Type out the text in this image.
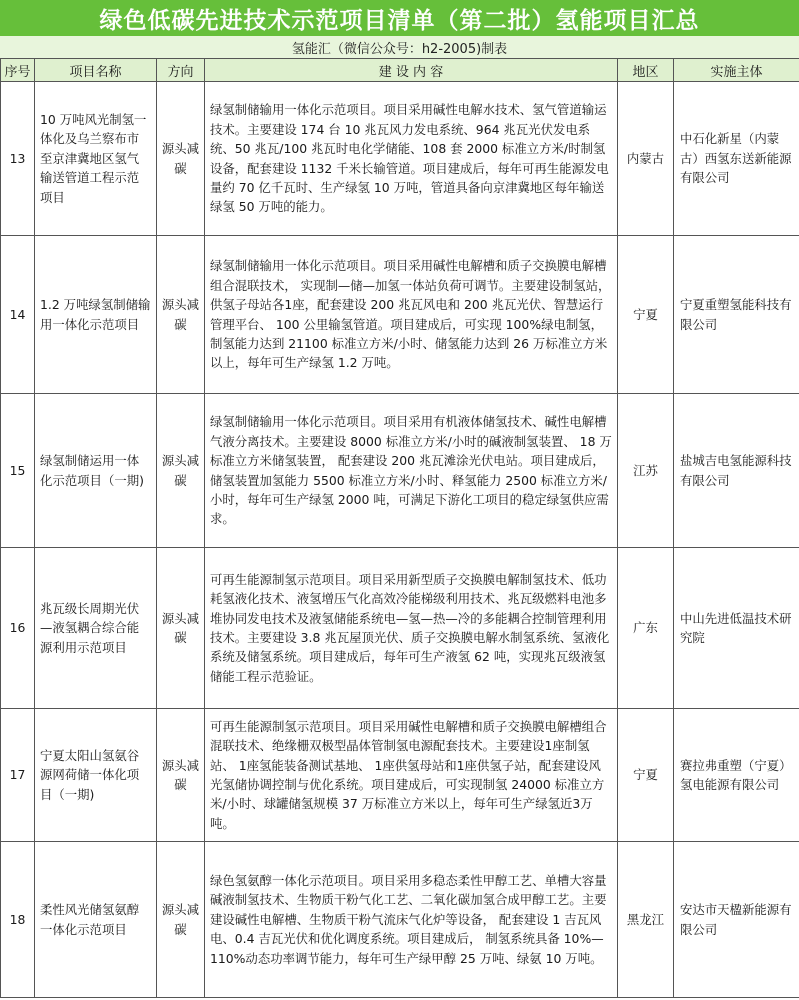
绿色低碳先进技术示范项目清单（第二批）氢能项目汇总
氢能汇（微信公众号：h2-2005)制表
序号	项目名称	方向	建 设 内 容	地区	实施主体
13	10 万吨风光制氢一体化及乌兰察布市至京津冀地区氢气输送管道工程示范项目	源头减碳	绿氢制储输用一体化示范项目。项目采用碱性电解水技术、氢气管道输运技术。主要建设 174 台 10 兆瓦风力发电系统、964 兆瓦光伏发电系统、50 兆瓦/100 兆瓦时电化学储能、108 套 2000 标准立方米/时制氢设备，配套建设 1132 千米长输管道。项目建成后，每年可再生能源发电量约 70 亿千瓦时、生产绿氢 10 万吨，管道具备向京津冀地区每年输送绿氢 50 万吨的能力。	内蒙古	中石化新星（内蒙古）西氢东送新能源有限公司
14	1.2 万吨绿氢制储输用一体化示范项目	源头减碳	绿氢制储输用一体化示范项目。项目采用碱性电解槽和质子交换膜电解槽组合混联技术， 实现制—储—加氢一体站负荷可调节。主要建设制氢站，供氢子母站各1座，配套建设 200 兆瓦风电和 200 兆瓦光伏、智慧运行管理平台、 100 公里输氢管道。项目建成后，可实现 100%绿电制氢，制氢能力达到 21100 标准立方米/小时、储氢能力达到 26 万标准立方米以上，每年可生产绿氢 1.2 万吨。	宁夏	宁夏重塑氢能科技有限公司
15	绿氢制储运用一体化示范项目（一期)	源头减碳	绿氢制储输用一体化示范项目。项目采用有机液体储氢技术、碱性电解槽气液分离技术。主要建设 8000 标准立方米/小时的碱液制氢装置、 18 万标准立方米储氢装置， 配套建设 200 兆瓦滩涂光伏电站。项目建成后，储氢装置加氢能力 5500 标准立方米/小时、释氢能力 2500 标准立方米/小时，每年可生产绿氢 2000 吨，可满足下游化工项目的稳定绿氢供应需求。	江苏	盐城吉电氢能源科技有限公司
16	兆瓦级长周期光伏—液氢耦合综合能源利用示范项目	源头减碳	可再生能源制氢示范项目。项目采用新型质子交换膜电解制氢技术、低功耗氢液化技术、液氢增压气化高效冷能梯级利用技术、兆瓦级燃料电池多堆协同发电技术及液氢储能系统电—氢—热—冷的多能耦合控制管理利用技术。主要建设 3.8 兆瓦屋顶光伏、质子交换膜电解水制氢系统、氢液化系统及储氢系统。项目建成后，每年可生产液氢 62 吨，实现兆瓦级液氢储能工程示范验证。	广东	中山先进低温技术研究院
17	宁夏太阳山氢氨谷源网荷储一体化项目（一期)	源头减碳	可再生能源制氢示范项目。项目采用碱性电解槽和质子交换膜电解槽组合混联技术、绝缘栅双极型晶体管制氢电源配套技术。主要建设1座制氢站、 1座氢能装备测试基地、 1座供氢母站和1座供氢子站，配套建设风光氢储协调控制与优化系统。项目建成后，可实现制氢 24000 标准立方米/小时、球罐储氢规模 37 万标准立方米以上，每年可生产绿氢近3万吨。	宁夏	赛拉弗重塑（宁夏）氢电能源有限公司
18	柔性风光储氢氨醇一体化示范项目	源头减碳	绿色氢氨醇一体化示范项目。项目采用多稳态柔性甲醇工艺、单槽大容量碱液制氢技术、生物质干粉气化工艺、二氧化碳加氢合成甲醇工艺。主要建设碱性电解槽、生物质干粉气流床气化炉等设备， 配套建设 1 吉瓦风电、0.4 吉瓦光伏和优化调度系统。项目建成后， 制氢系统具备 10%—110%动态功率调节能力，每年可生产绿甲醇 25 万吨、绿氨 10 万吨。	黑龙江	安达市天楹新能源有限公司
